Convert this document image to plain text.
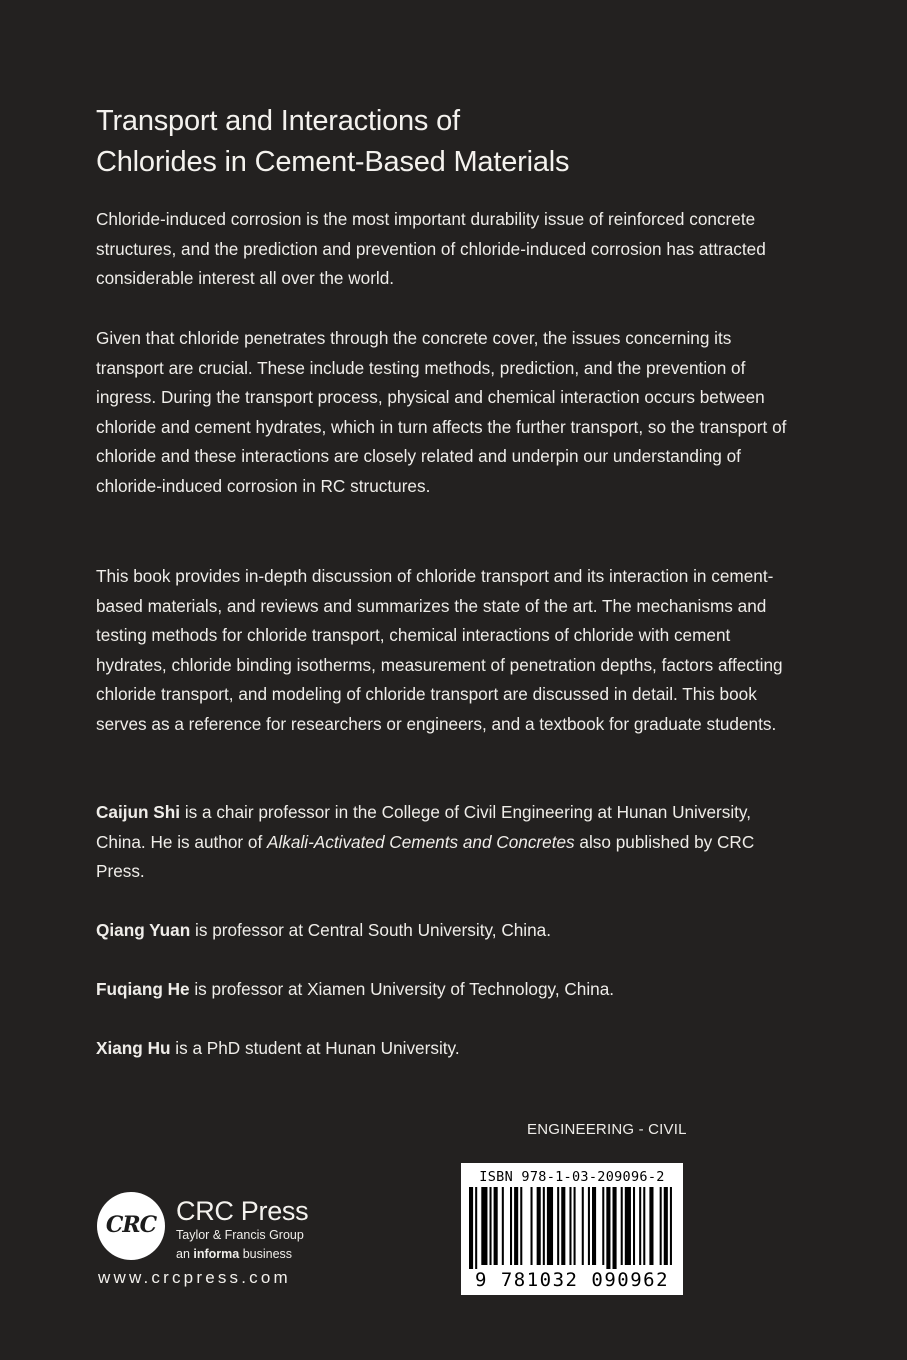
Transport and Interactions of
Chlorides in Cement-Based Materials

Chloride-induced corrosion is the most important durability issue of reinforced concrete structures, and the prediction and prevention of chloride-induced corrosion has attracted considerable interest all over the world.

Given that chloride penetrates through the concrete cover, the issues concerning its transport are crucial. These include testing methods, prediction, and the prevention of ingress. During the transport process, physical and chemical interaction occurs between chloride and cement hydrates, which in turn affects the further transport, so the transport of chloride and these interactions are closely related and underpin our understanding of chloride-induced corrosion in RC structures.

This book provides in-depth discussion of chloride transport and its interaction in cement-based materials, and reviews and summarizes the state of the art. The mechanisms and testing methods for chloride transport, chemical interactions of chloride with cement hydrates, chloride binding isotherms, measurement of penetration depths, factors affecting chloride transport, and modeling of chloride transport are discussed in detail. This book serves as a reference for researchers or engineers, and a textbook for graduate students.

Caijun Shi is a chair professor in the College of Civil Engineering at Hunan University, China. He is author of Alkali-Activated Cements and Concretes also published by CRC Press.

Qiang Yuan is professor at Central South University, China.

Fuqiang He is professor at Xiamen University of Technology, China.

Xiang Hu is a PhD student at Hunan University.

ENGINEERING - CIVIL
ISBN 978-1-03-209096-2
9 781032 090962
CRC CRC Press
Taylor & Francis Group
an informa business
www.crcpress.com
